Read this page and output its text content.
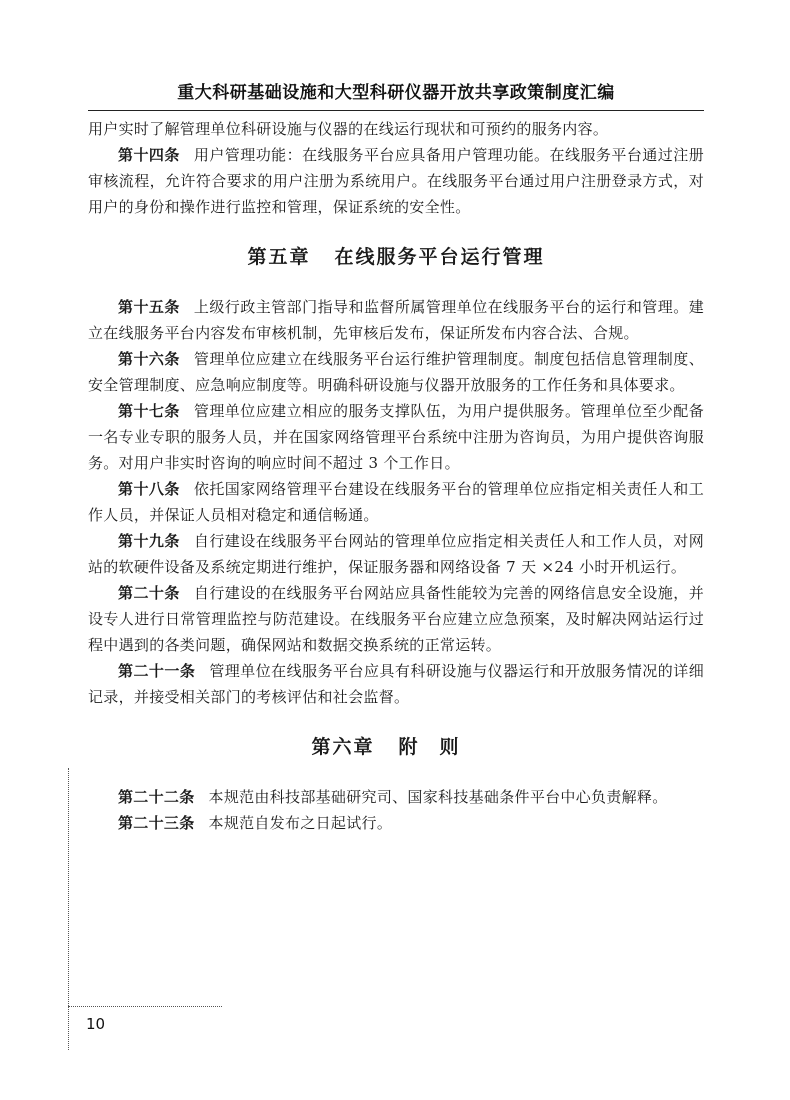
重大科研基础设施和大型科研仪器开放共享政策制度汇编

用户实时了解管理单位科研设施与仪器的在线运行现状和可预约的服务内容。

第十四条 用户管理功能：在线服务平台应具备用户管理功能。在线服务平台通过注册审核流程，允许符合要求的用户注册为系统用户。在线服务平台通过用户注册登录方式，对用户的身份和操作进行监控和管理，保证系统的安全性。

第五章 在线服务平台运行管理

第十五条 上级行政主管部门指导和监督所属管理单位在线服务平台的运行和管理。建立在线服务平台内容发布审核机制，先审核后发布，保证所发布内容合法、合规。

第十六条 管理单位应建立在线服务平台运行维护管理制度。制度包括信息管理制度、安全管理制度、应急响应制度等。明确科研设施与仪器开放服务的工作任务和具体要求。

第十七条 管理单位应建立相应的服务支撑队伍，为用户提供服务。管理单位至少配备一名专业专职的服务人员，并在国家网络管理平台系统中注册为咨询员，为用户提供咨询服务。对用户非实时咨询的响应时间不超过 3 个工作日。

第十八条 依托国家网络管理平台建设在线服务平台的管理单位应指定相关责任人和工作人员，并保证人员相对稳定和通信畅通。

第十九条 自行建设在线服务平台网站的管理单位应指定相关责任人和工作人员，对网站的软硬件设备及系统定期进行维护，保证服务器和网络设备 7 天 ×24 小时开机运行。

第二十条 自行建设的在线服务平台网站应具备性能较为完善的网络信息安全设施，并设专人进行日常管理监控与防范建设。在线服务平台应建立应急预案，及时解决网站运行过程中遇到的各类问题，确保网站和数据交换系统的正常运转。

第二十一条 管理单位在线服务平台应具有科研设施与仪器运行和开放服务情况的详细记录，并接受相关部门的考核评估和社会监督。

第六章 附则

第二十二条 本规范由科技部基础研究司、国家科技基础条件平台中心负责解释。

第二十三条 本规范自发布之日起试行。

10
